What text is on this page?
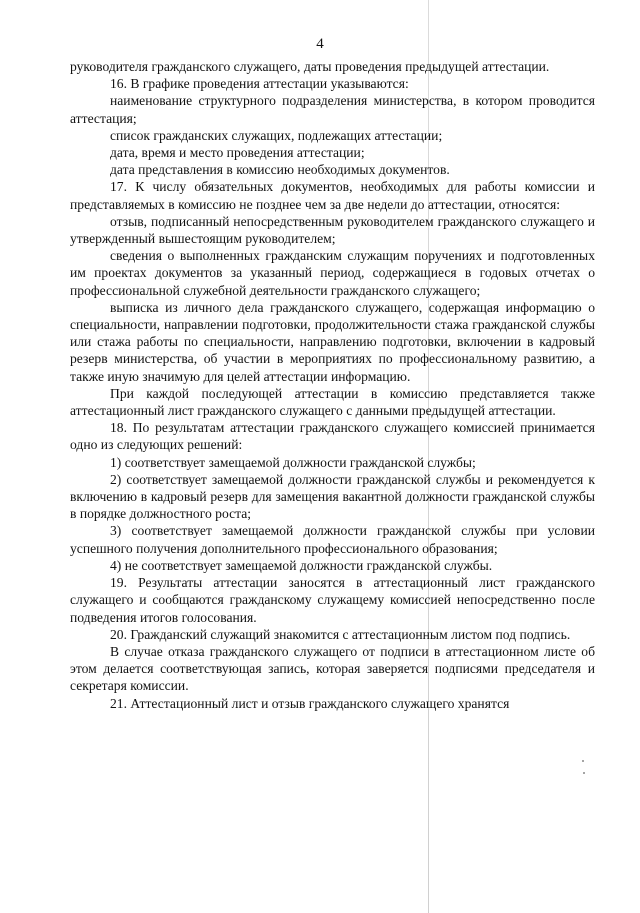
4

руководителя гражданского служащего, даты проведения предыдущей аттестации.

16. В графике проведения аттестации указываются:

наименование структурного подразделения министерства, в котором проводится аттестация;

список гражданских служащих, подлежащих аттестации;

дата, время и место проведения аттестации;

дата представления в комиссию необходимых документов.

17. К числу обязательных документов, необходимых для работы комиссии и представляемых в комиссию не позднее чем за две недели до аттестации, относятся:

отзыв, подписанный непосредственным руководителем гражданского служащего и утвержденный вышестоящим руководителем;

сведения о выполненных гражданским служащим поручениях и подготовленных им проектах документов за указанный период, содержащиеся в годовых отчетах о профессиональной служебной деятельности гражданского служащего;

выписка из личного дела гражданского служащего, содержащая информацию о специальности, направлении подготовки, продолжительности стажа гражданской службы или стажа работы по специальности, направлению подготовки, включении в кадровый резерв министерства, об участии в мероприятиях по профессиональному развитию, а также иную значимую для целей аттестации информацию.

При каждой последующей аттестации в комиссию представляется также аттестационный лист гражданского служащего с данными предыдущей аттестации.

18. По результатам аттестации гражданского служащего комиссией принимается одно из следующих решений:

1) соответствует замещаемой должности гражданской службы;

2) соответствует замещаемой должности гражданской службы и рекомендуется к включению в кадровый резерв для замещения вакантной должности гражданской службы в порядке должностного роста;

3) соответствует замещаемой должности гражданской службы при условии успешного получения дополнительного профессионального образования;

4) не соответствует замещаемой должности гражданской службы.

19. Результаты аттестации заносятся в аттестационный лист гражданского служащего и сообщаются гражданскому служащему комиссией непосредственно после подведения итогов голосования.

20. Гражданский служащий знакомится с аттестационным листом под подпись.

В случае отказа гражданского служащего от подписи в аттестационном листе об этом делается соответствующая запись, которая заверяется подписями председателя и секретаря комиссии.

21. Аттестационный лист и отзыв гражданского служащего хранятся
